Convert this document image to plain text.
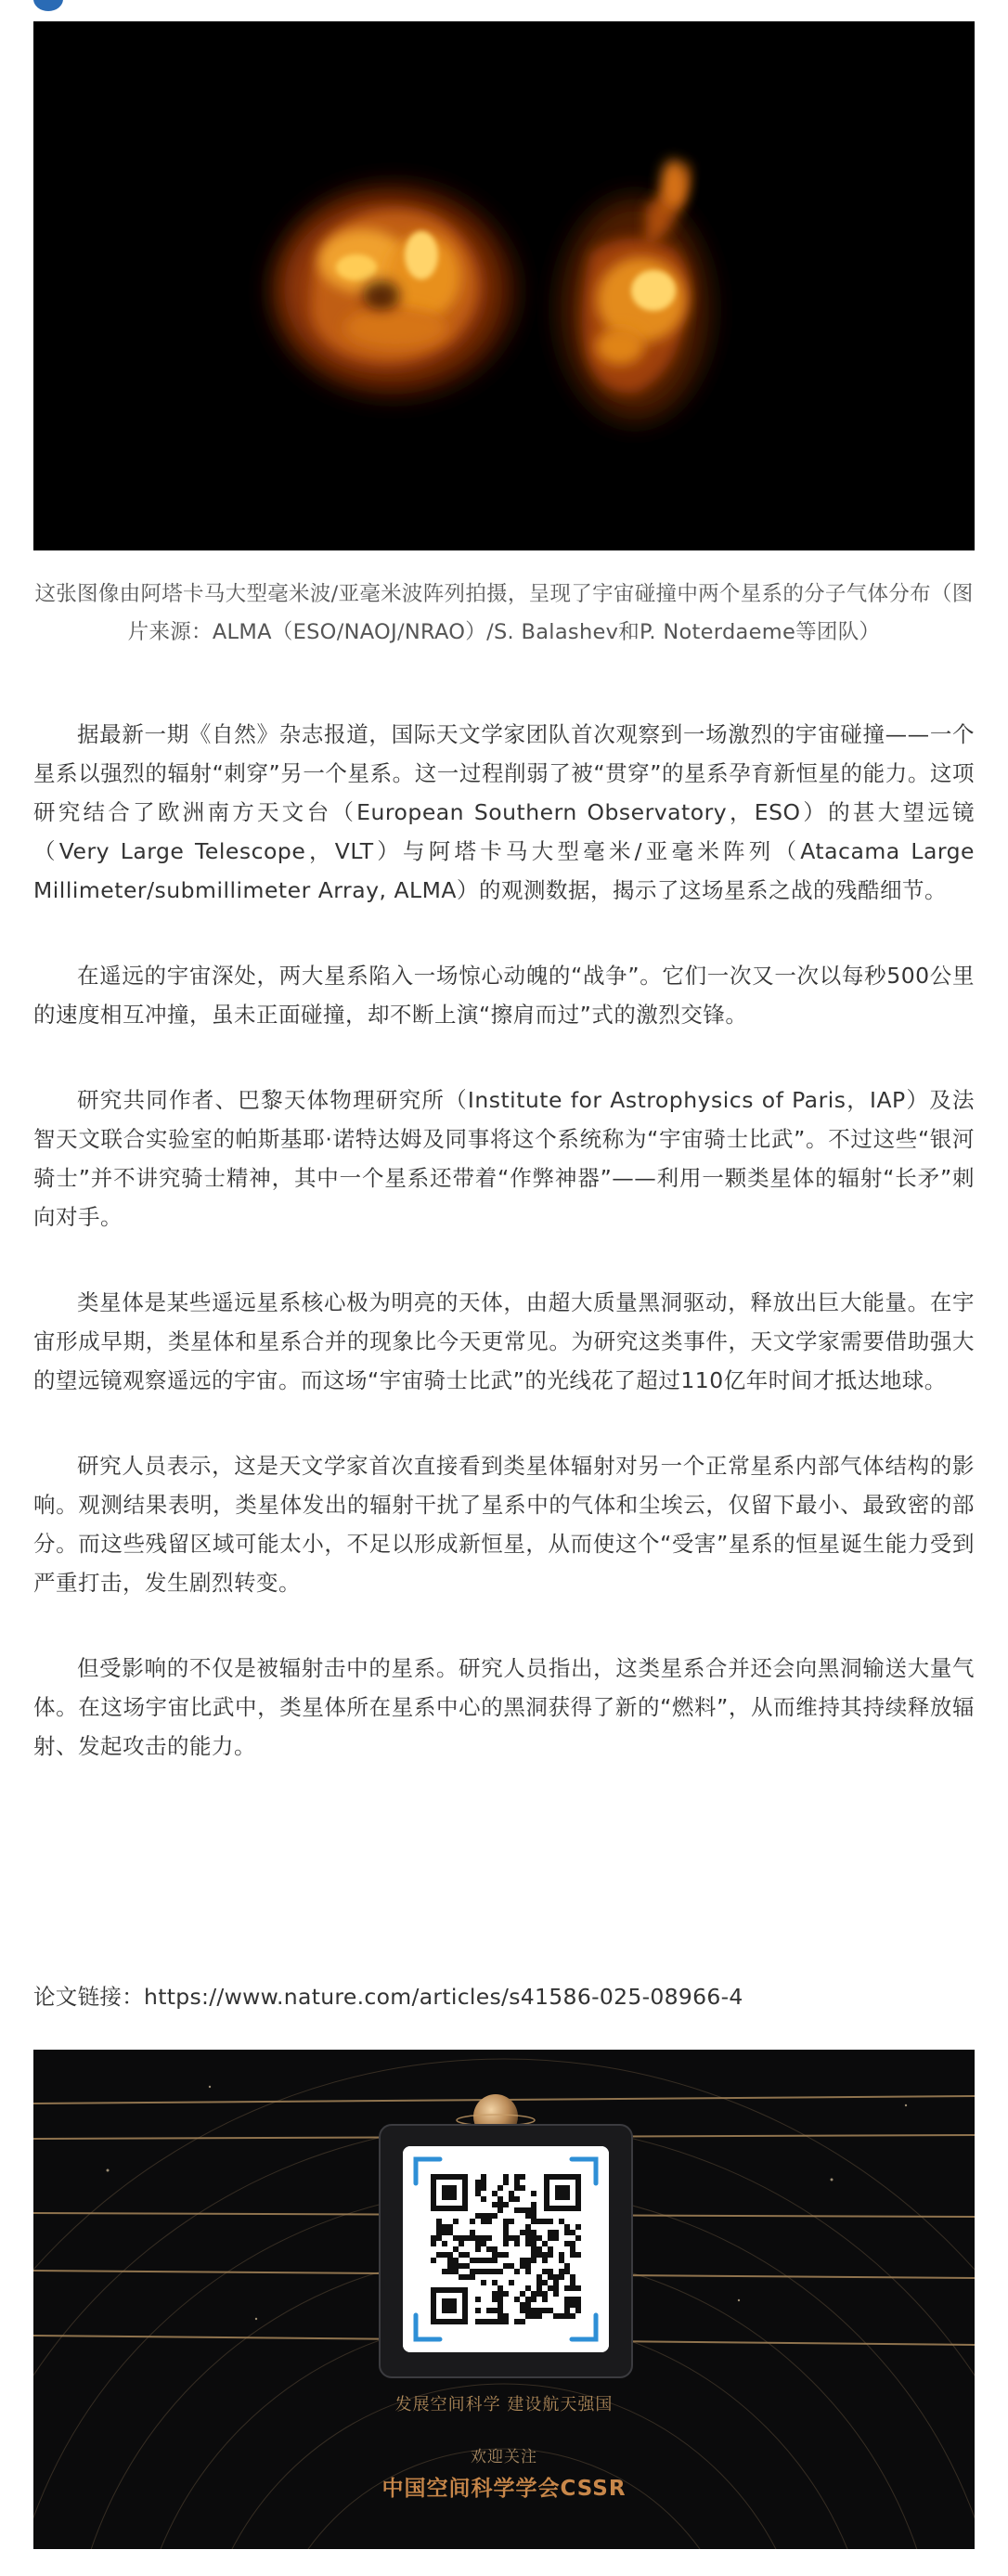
这张图像由阿塔卡马大型毫米波/亚毫米波阵列拍摄，呈现了宇宙碰撞中两个星系的分子气体分布（图片来源：ALMA（ESO/NAOJ/NRAO）/S. Balashev和P. Noterdaeme等团队）

据最新一期《自然》杂志报道，国际天文学家团队首次观察到一场激烈的宇宙碰撞——一个星系以强烈的辐射“刺穿”另一个星系。这一过程削弱了被“贯穿”的星系孕育新恒星的能力。这项研究结合了欧洲南方天文台（European Southern Observatory，ESO）的甚大望远镜（Very Large Telescope，VLT）与阿塔卡马大型毫米/亚毫米阵列（Atacama Large Millimeter/submillimeter Array, ALMA）的观测数据，揭示了这场星系之战的残酷细节。

在遥远的宇宙深处，两大星系陷入一场惊心动魄的“战争”。它们一次又一次以每秒500公里的速度相互冲撞，虽未正面碰撞，却不断上演“擦肩而过”式的激烈交锋。

研究共同作者、巴黎天体物理研究所（Institute for Astrophysics of Paris，IAP）及法智天文联合实验室的帕斯基耶·诺特达姆及同事将这个系统称为“宇宙骑士比武”。不过这些“银河骑士”并不讲究骑士精神，其中一个星系还带着“作弊神器”——利用一颗类星体的辐射“长矛”刺向对手。

类星体是某些遥远星系核心极为明亮的天体，由超大质量黑洞驱动，释放出巨大能量。在宇宙形成早期，类星体和星系合并的现象比今天更常见。为研究这类事件，天文学家需要借助强大的望远镜观察遥远的宇宙。而这场“宇宙骑士比武”的光线花了超过110亿年时间才抵达地球。

研究人员表示，这是天文学家首次直接看到类星体辐射对另一个正常星系内部气体结构的影响。观测结果表明，类星体发出的辐射干扰了星系中的气体和尘埃云，仅留下最小、最致密的部分。而这些残留区域可能太小，不足以形成新恒星，从而使这个“受害”星系的恒星诞生能力受到严重打击，发生剧烈转变。

但受影响的不仅是被辐射击中的星系。研究人员指出，这类星系合并还会向黑洞输送大量气体。在这场宇宙比武中，类星体所在星系中心的黑洞获得了新的“燃料”，从而维持其持续释放辐射、发起攻击的能力。

论文链接：https://www.nature.com/articles/s41586-025-08966-4
发展空间科学 建设航天强国
欢迎关注
中国空间科学学会CSSR
